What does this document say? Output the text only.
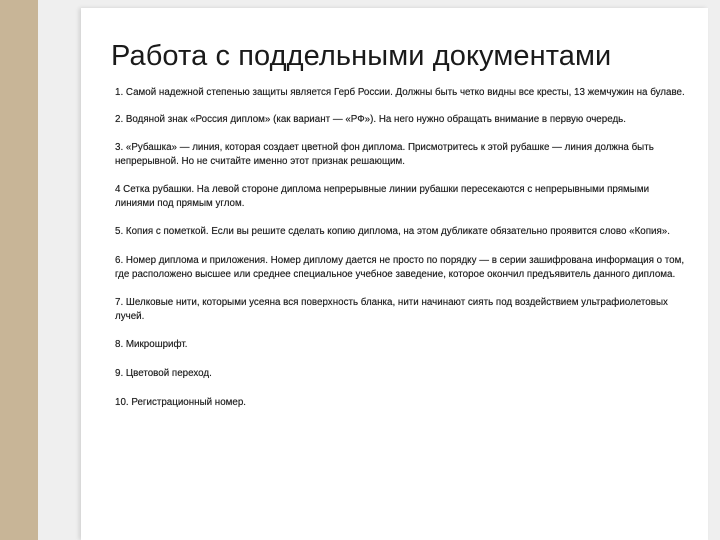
Работа с поддельными документами
1. Самой надежной степенью защиты является Герб России. Должны быть четко видны все кресты, 13 жемчужин на булаве.
2. Водяной знак «Россия диплом» (как вариант — «РФ»). На него нужно обращать внимание в первую очередь.
3. «Рубашка» — линия, которая создает цветной фон диплома. Присмотритесь к этой рубашке — линия должна быть непрерывной. Но не считайте именно этот признак решающим.
4 Сетка рубашки. На левой стороне диплома непрерывные линии рубашки пересекаются с непрерывными прямыми линиями под прямым углом.
5. Копия с пометкой. Если вы решите сделать копию диплома, на этом дубликате обязательно проявится слово «Копия».
6. Номер диплома и приложения. Номер диплому дается не просто по порядку — в серии зашифрована информация о том, где расположено высшее или среднее специальное учебное заведение, которое окончил предъявитель данного диплома.
7. Шелковые нити, которыми усеяна вся поверхность бланка, нити начинают сиять под воздействием ультрафиолетовых лучей.
8. Микрошрифт.
9. Цветовой переход.
10. Регистрационный номер.
